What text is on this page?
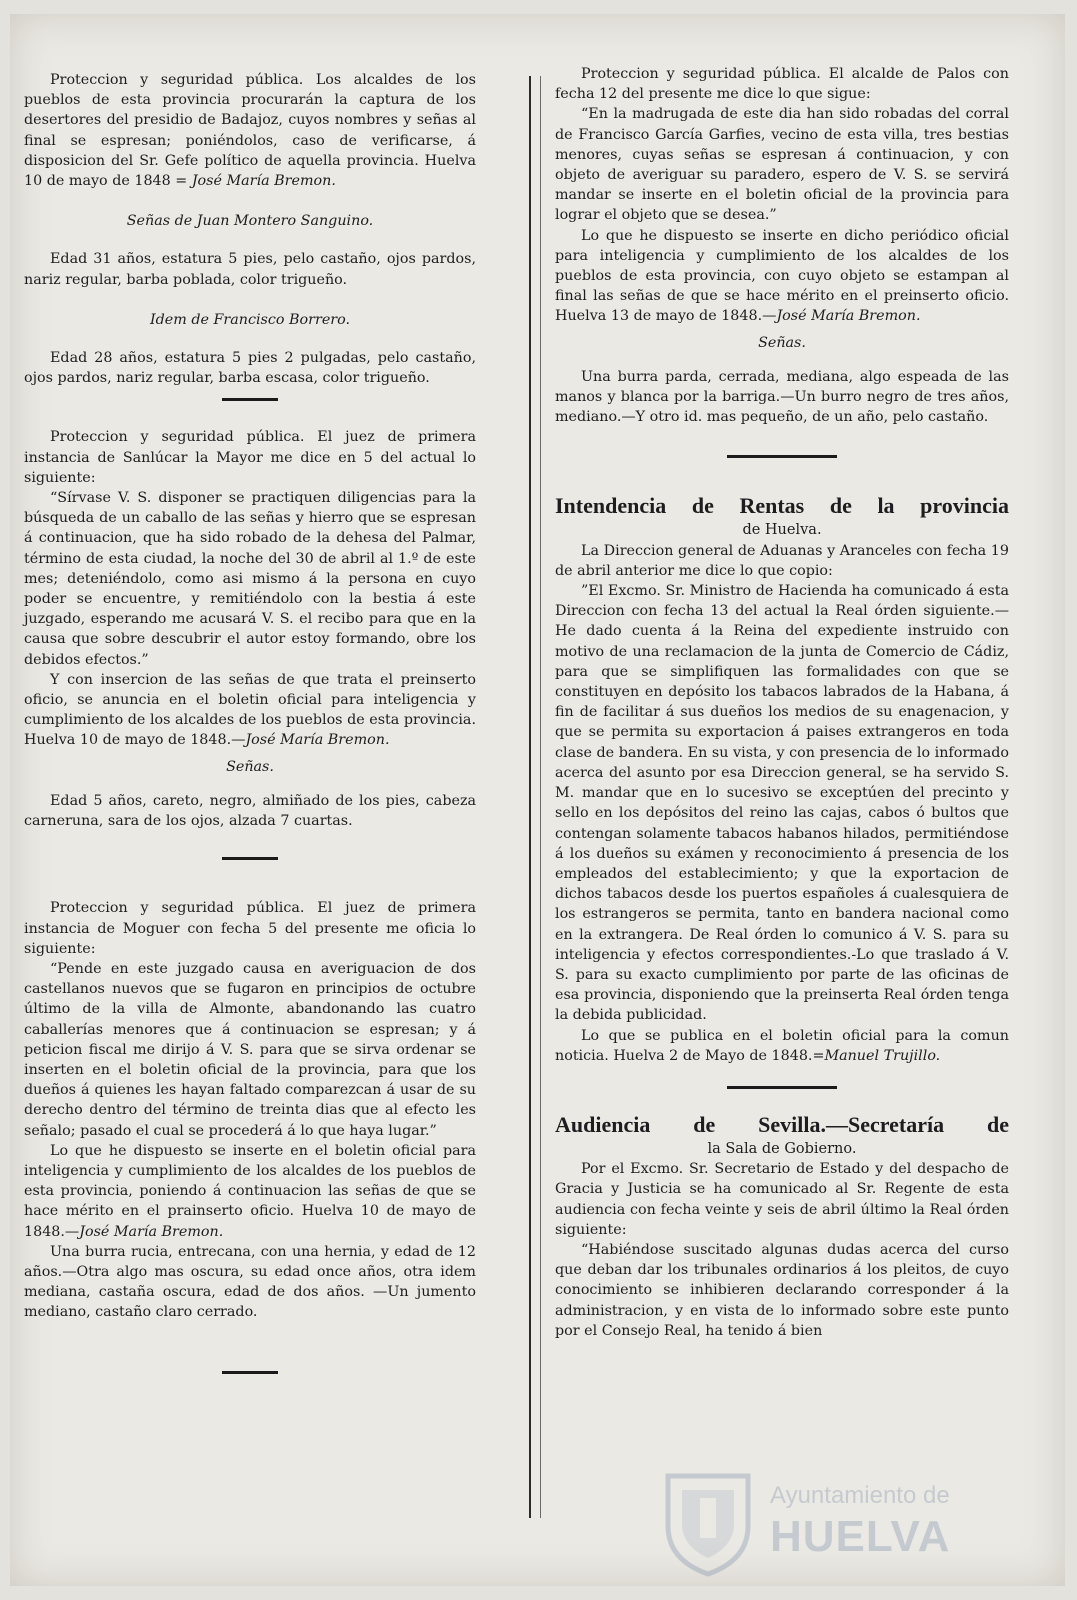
Proteccion y seguridad pública. Los alcaldes de los pueblos de esta provincia procurarán la captura de los desertores del presidio de Badajoz, cuyos nombres y señas al final se espresan; poniéndolos, caso de verificarse, á disposicion del Sr. Gefe político de aquella provincia. Huelva 10 de mayo de 1848 = José María Bremon.

Señas de Juan Montero Sanguino.

Edad 31 años, estatura 5 pies, pelo castaño, ojos pardos, nariz regular, barba poblada, color trigueño.

Idem de Francisco Borrero.

Edad 28 años, estatura 5 pies 2 pulgadas, pelo castaño, ojos pardos, nariz regular, barba escasa, color trigueño.

Proteccion y seguridad pública. El juez de primera instancia de Sanlúcar la Mayor me dice en 5 del actual lo siguiente:

“Sírvase V. S. disponer se practiquen diligencias para la búsqueda de un caballo de las señas y hierro que se espresan á continuacion, que ha sido robado de la dehesa del Palmar, término de esta ciudad, la noche del 30 de abril al 1.º de este mes; deteniéndolo, como asi mismo á la persona en cuyo poder se encuentre, y remitiéndolo con la bestia á este juzgado, esperando me acusará V. S. el recibo para que en la causa que sobre descubrir el autor estoy formando, obre los debidos efectos.”

Y con insercion de las señas de que trata el preinserto oficio, se anuncia en el boletin oficial para inteligencia y cumplimiento de los alcaldes de los pueblos de esta provincia. Huelva 10 de mayo de 1848.—José María Bremon.

Señas.

Edad 5 años, careto, negro, almiñado de los pies, cabeza carneruna, sara de los ojos, alzada 7 cuartas.

Proteccion y seguridad pública. El juez de primera instancia de Moguer con fecha 5 del presente me oficia lo siguiente:

“Pende en este juzgado causa en averiguacion de dos castellanos nuevos que se fugaron en principios de octubre último de la villa de Almonte, abandonando las cuatro caballerías menores que á continuacion se espresan; y á peticion fiscal me dirijo á V. S. para que se sirva ordenar se inserten en el boletin oficial de la provincia, para que los dueños á quienes les hayan faltado comparezcan á usar de su derecho dentro del término de treinta dias que al efecto les señalo; pasado el cual se procederá á lo que haya lugar.”

Lo que he dispuesto se inserte en el boletin oficial para inteligencia y cumplimiento de los alcaldes de los pueblos de esta provincia, poniendo á continuacion las señas de que se hace mérito en el prainserto oficio. Huelva 10 de mayo de 1848.—José María Bremon.

Una burra rucia, entrecana, con una hernia, y edad de 12 años.—Otra algo mas oscura, su edad once años, otra idem mediana, castaña oscura, edad de dos años. —Un jumento mediano, castaño claro cerrado.

Proteccion y seguridad pública. El alcalde de Palos con fecha 12 del presente me dice lo que sigue:

“En la madrugada de este dia han sido robadas del corral de Francisco García Garfies, vecino de esta villa, tres bestias menores, cuyas señas se espresan á continuacion, y con objeto de averiguar su paradero, espero de V. S. se servirá mandar se inserte en el boletin oficial de la provincia para lograr el objeto que se desea.”

Lo que he dispuesto se inserte en dicho periódico oficial para inteligencia y cumplimiento de los alcaldes de los pueblos de esta provincia, con cuyo objeto se estampan al final las señas de que se hace mérito en el preinserto oficio. Huelva 13 de mayo de 1848.—José María Bremon.

Señas.

Una burra parda, cerrada, mediana, algo espeada de las manos y blanca por la barriga.—Un burro negro de tres años, mediano.—Y otro id. mas pequeño, de un año, pelo castaño.

Intendencia de Rentas de la provincia

de Huelva.

La Direccion general de Aduanas y Aranceles con fecha 19 de abril anterior me dice lo que copio:

”El Excmo. Sr. Ministro de Hacienda ha comunicado á esta Direccion con fecha 13 del actual la Real órden siguiente.—He dado cuenta á la Reina del expediente instruido con motivo de una reclamacion de la junta de Comercio de Cádiz, para que se simplifiquen las formalidades con que se constituyen en depósito los tabacos labrados de la Habana, á fin de facilitar á sus dueños los medios de su enagenacion, y que se permita su exportacion á paises extrangeros en toda clase de bandera. En su vista, y con presencia de lo informado acerca del asunto por esa Direccion general, se ha servido S. M. mandar que en lo sucesivo se exceptúen del precinto y sello en los depósitos del reino las cajas, cabos ó bultos que contengan solamente tabacos habanos hilados, permitiéndose á los dueños su exámen y reconocimiento á presencia de los empleados del establecimiento; y que la exportacion de dichos tabacos desde los puertos españoles á cualesquiera de los estrangeros se permita, tanto en bandera nacional como en la extrangera. De Real órden lo comunico á V. S. para su inteligencia y efectos correspondientes.-Lo que traslado á V. S. para su exacto cumplimiento por parte de las oficinas de esa provincia, disponiendo que la preinserta Real órden tenga la debida publicidad.

Lo que se publica en el boletin oficial para la comun noticia. Huelva 2 de Mayo de 1848.=Manuel Trujillo.

Audiencia de Sevilla.—Secretaría de

la Sala de Gobierno.

Por el Excmo. Sr. Secretario de Estado y del despacho de Gracia y Justicia se ha comunicado al Sr. Regente de esta audiencia con fecha veinte y seis de abril último la Real órden siguiente:

“Habiéndose suscitado algunas dudas acerca del curso que deban dar los tribunales ordinarios á los pleitos, de cuyo conocimiento se inhibieren declarando corresponder á la administracion, y en vista de lo informado sobre este punto por el Consejo Real, ha tenido á bien

Ayuntamiento de
HUELVA
